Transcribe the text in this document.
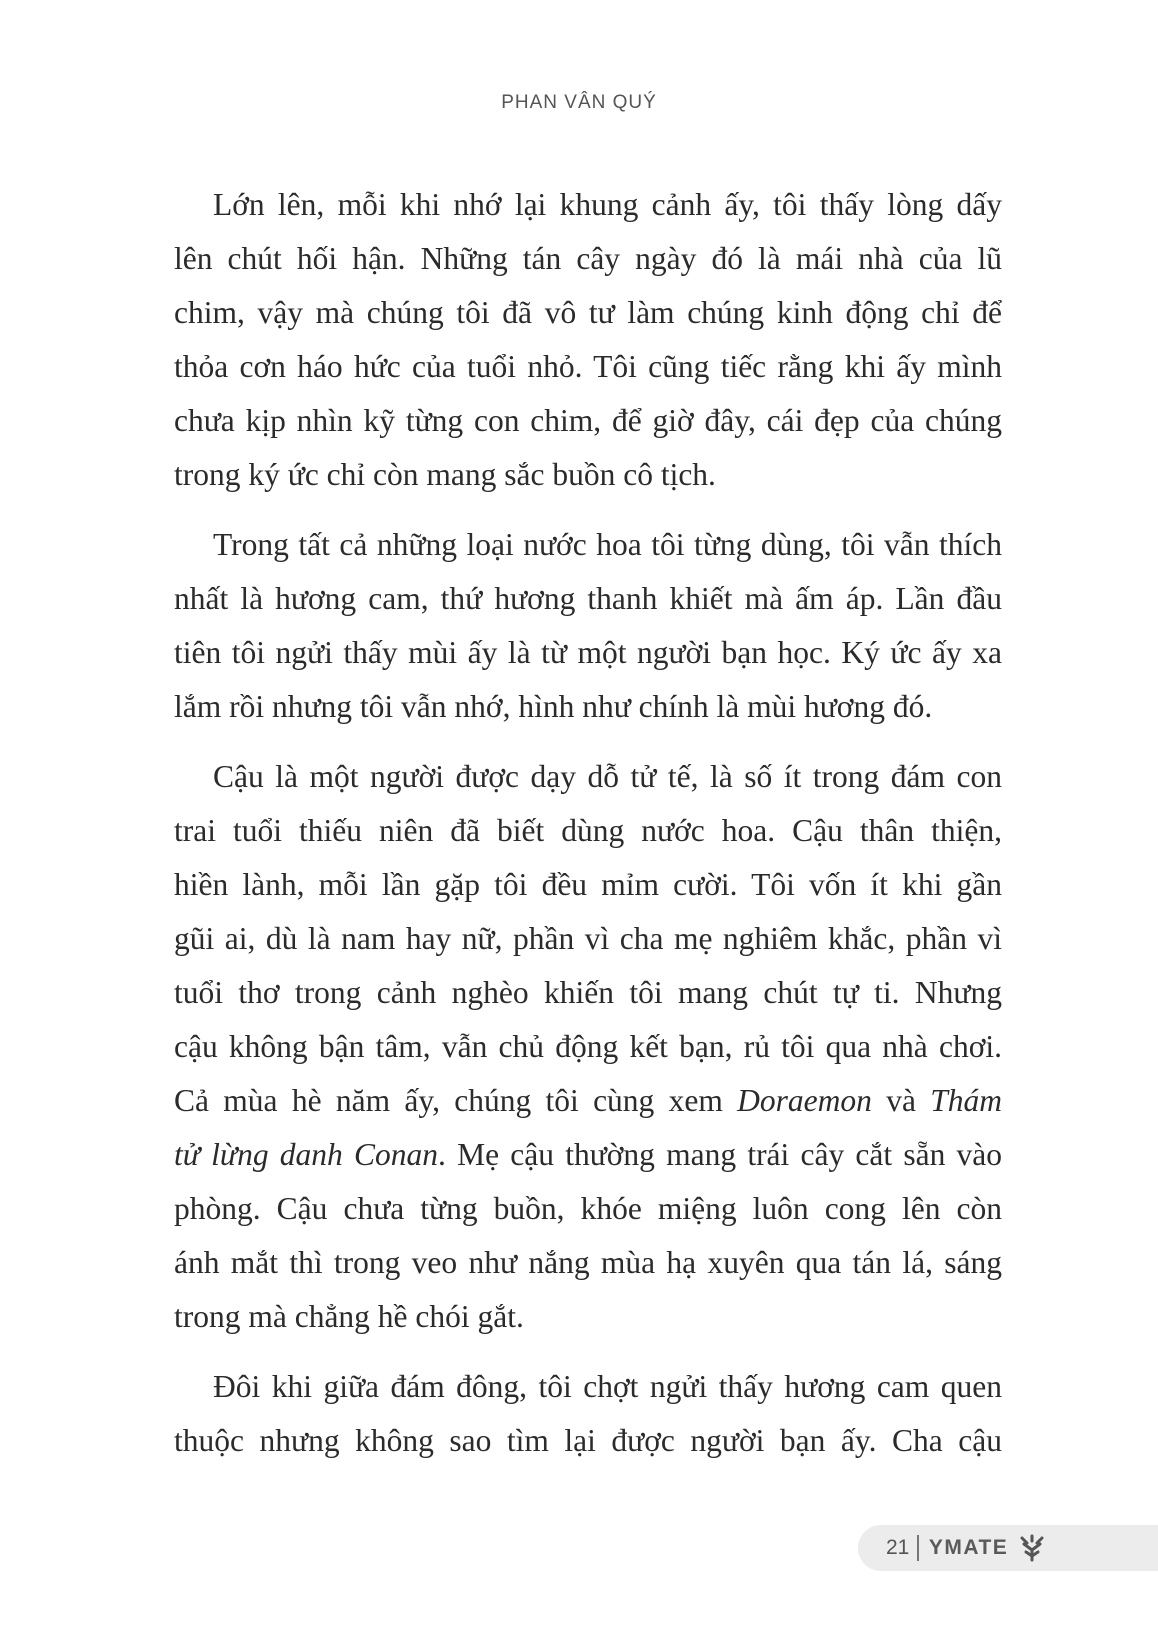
PHAN VÂN QUÝ
Lớn lên, mỗi khi nhớ lại khung cảnh ấy, tôi thấy lòng dấy
lên chút hối hận. Những tán cây ngày đó là mái nhà của lũ
chim, vậy mà chúng tôi đã vô tư làm chúng kinh động chỉ để
thỏa cơn háo hức của tuổi nhỏ. Tôi cũng tiếc rằng khi ấy mình
chưa kịp nhìn kỹ từng con chim, để giờ đây, cái đẹp của chúng
trong ký ức chỉ còn mang sắc buồn cô tịch.
Trong tất cả những loại nước hoa tôi từng dùng, tôi vẫn thích
nhất là hương cam, thứ hương thanh khiết mà ấm áp. Lần đầu
tiên tôi ngửi thấy mùi ấy là từ một người bạn học. Ký ức ấy xa
lắm rồi nhưng tôi vẫn nhớ, hình như chính là mùi hương đó.
Cậu là một người được dạy dỗ tử tế, là số ít trong đám con
trai tuổi thiếu niên đã biết dùng nước hoa. Cậu thân thiện,
hiền lành, mỗi lần gặp tôi đều mỉm cười. Tôi vốn ít khi gần
gũi ai, dù là nam hay nữ, phần vì cha mẹ nghiêm khắc, phần vì
tuổi thơ trong cảnh nghèo khiến tôi mang chút tự ti. Nhưng
cậu không bận tâm, vẫn chủ động kết bạn, rủ tôi qua nhà chơi.
Cả mùa hè năm ấy, chúng tôi cùng xem Doraemon và Thám
tử lừng danh Conan. Mẹ cậu thường mang trái cây cắt sẵn vào
phòng. Cậu chưa từng buồn, khóe miệng luôn cong lên còn
ánh mắt thì trong veo như nắng mùa hạ xuyên qua tán lá, sáng
trong mà chẳng hề chói gắt.
Đôi khi giữa đám đông, tôi chợt ngửi thấy hương cam quen
thuộc nhưng không sao tìm lại được người bạn ấy. Cha cậu
21 YMATE
